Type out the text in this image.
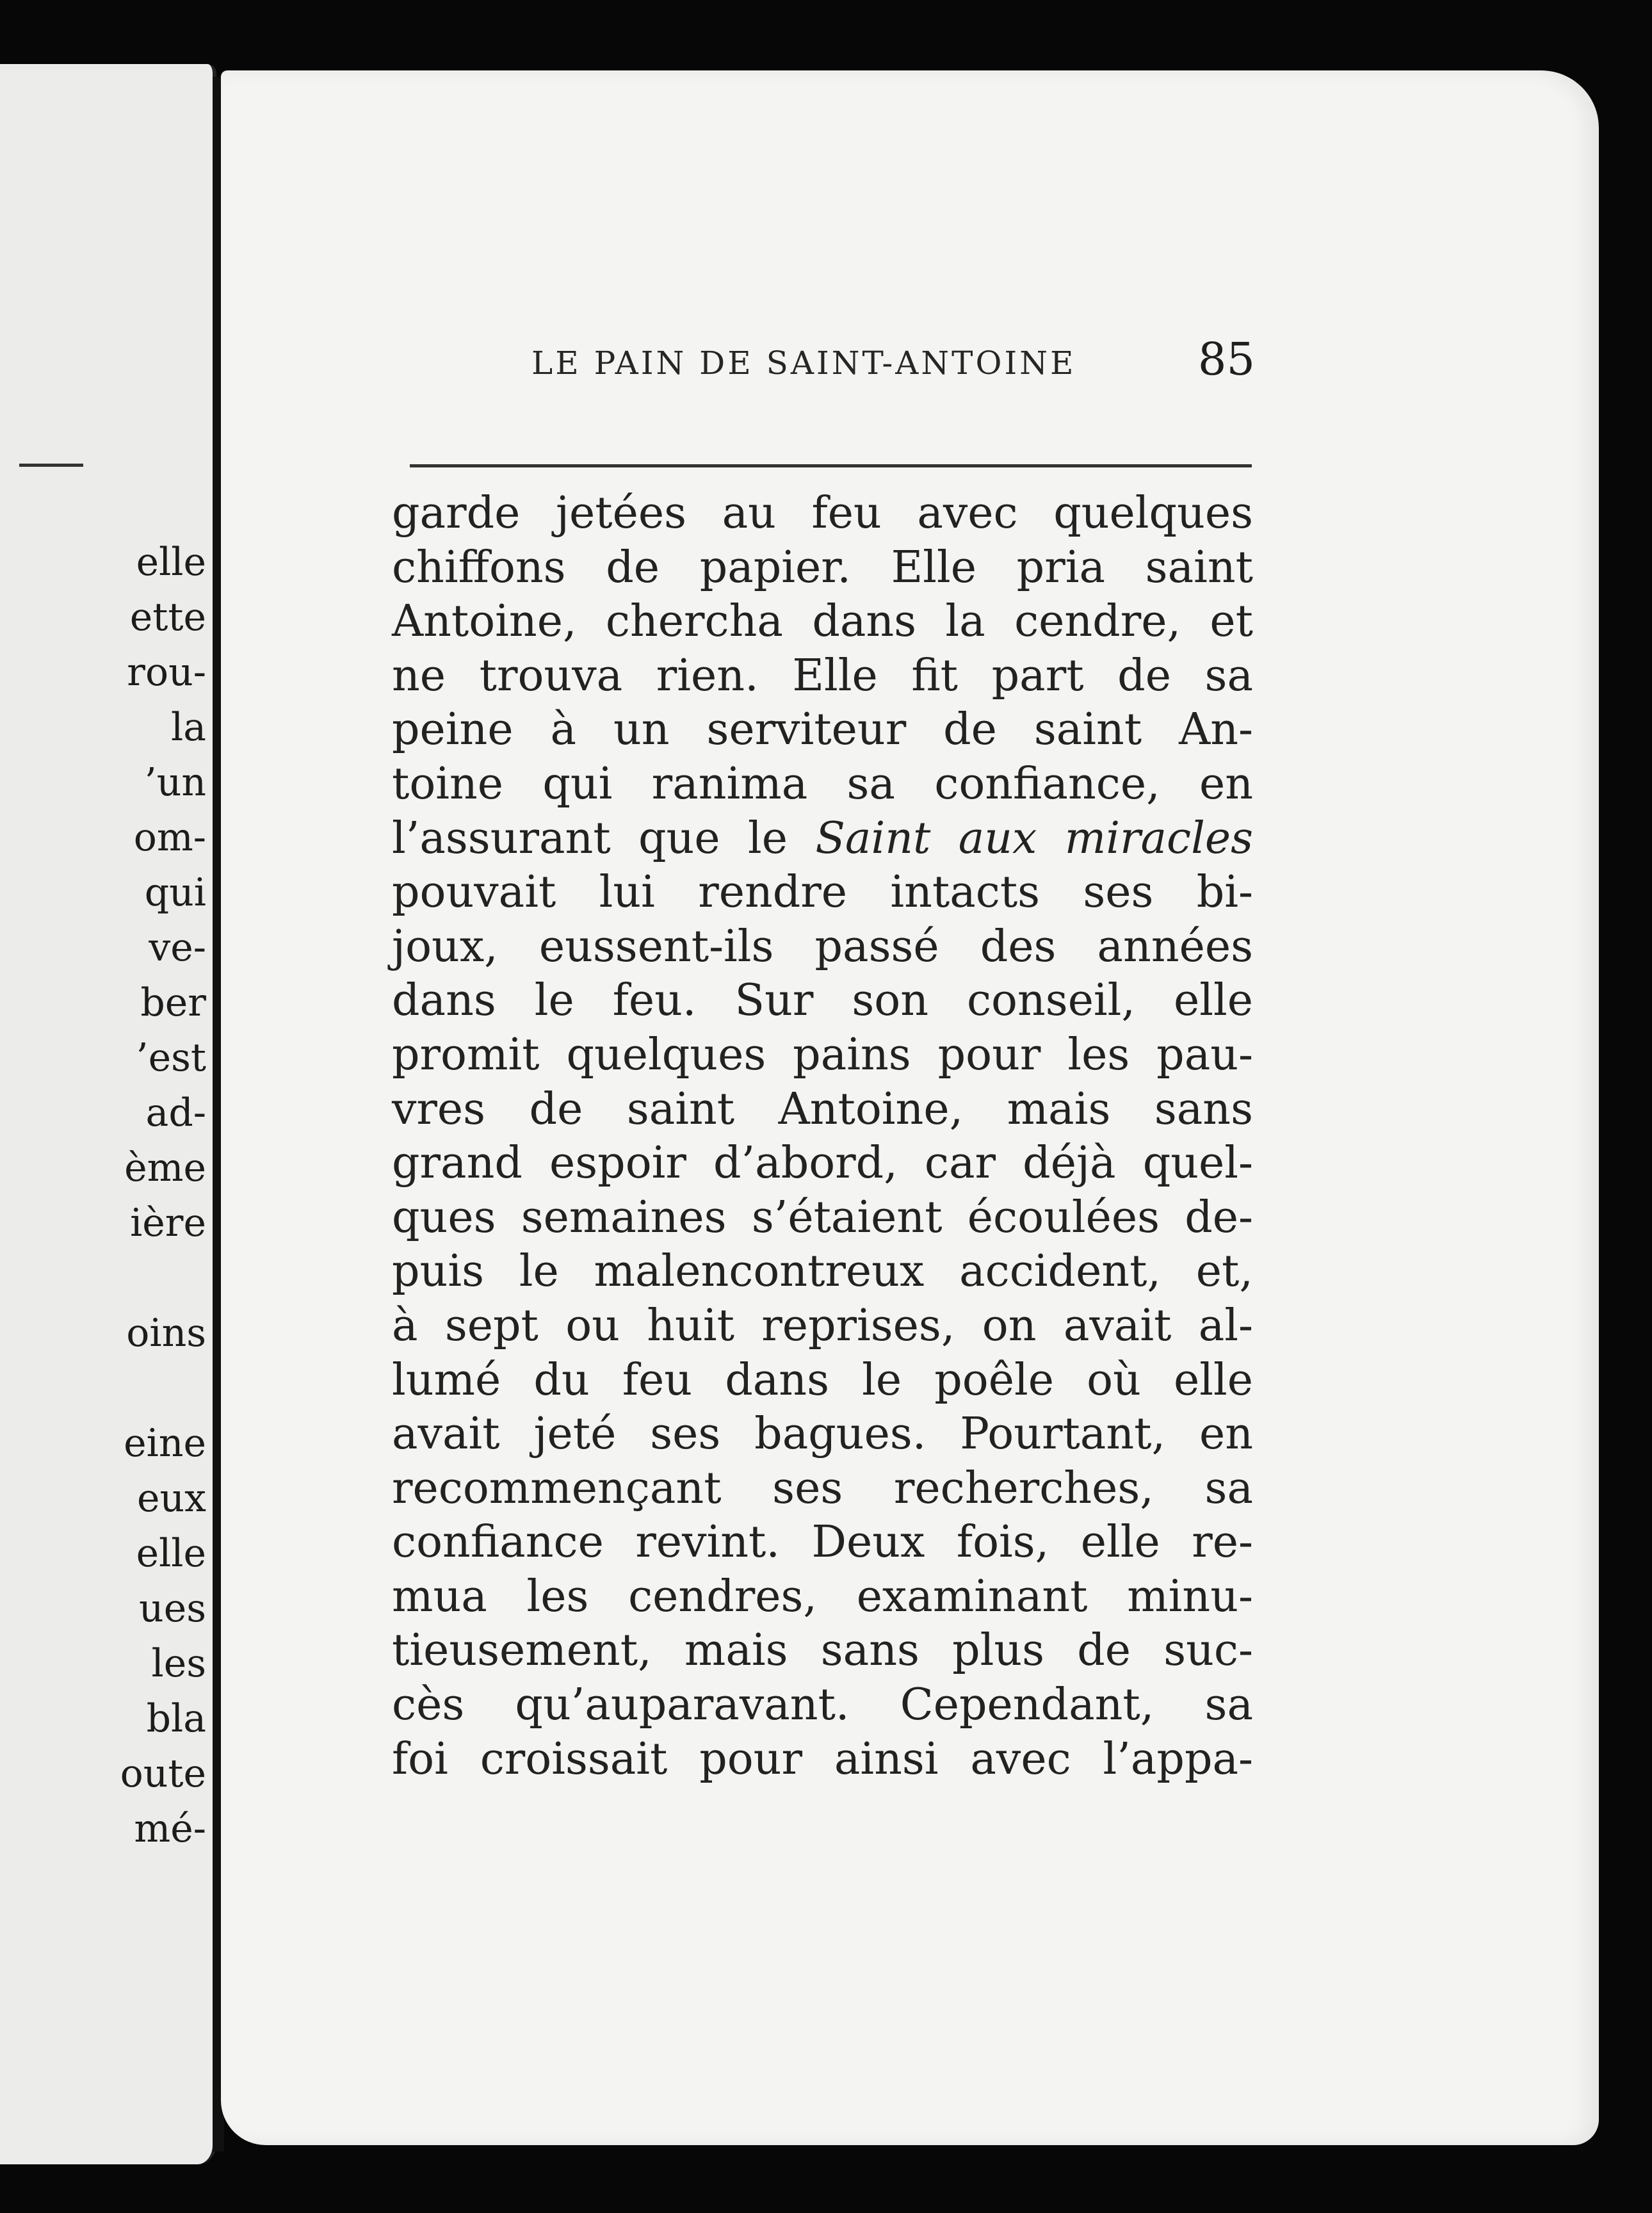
elle
ette
rou-
la
’un
om-
qui
ve-
ber
’est
ad-
ème
ière
oins
eine
eux
elle
ues
les
bla
oute
mé-
LE PAIN DE SAINT-ANTOINE	85
garde jetées au feu avec quelques
chiffons de papier. Elle pria saint
Antoine, chercha dans la cendre, et
ne trouva rien. Elle fit part de sa
peine à un serviteur de saint An-
toine qui ranima sa confiance, en
l’assurant que le Saint aux miracles
pouvait lui rendre intacts ses bi-
joux, eussent-ils passé des années
dans le feu. Sur son conseil, elle
promit quelques pains pour les pau-
vres de saint Antoine, mais sans
grand espoir d’abord, car déjà quel-
ques semaines s’étaient écoulées de-
puis le malencontreux accident, et,
à sept ou huit reprises, on avait al-
lumé du feu dans le poêle où elle
avait jeté ses bagues. Pourtant, en
recommençant ses recherches, sa
confiance revint. Deux fois, elle re-
mua les cendres, examinant minu-
tieusement, mais sans plus de suc-
cès qu’auparavant. Cependant, sa
foi croissait pour ainsi avec l’appa-
